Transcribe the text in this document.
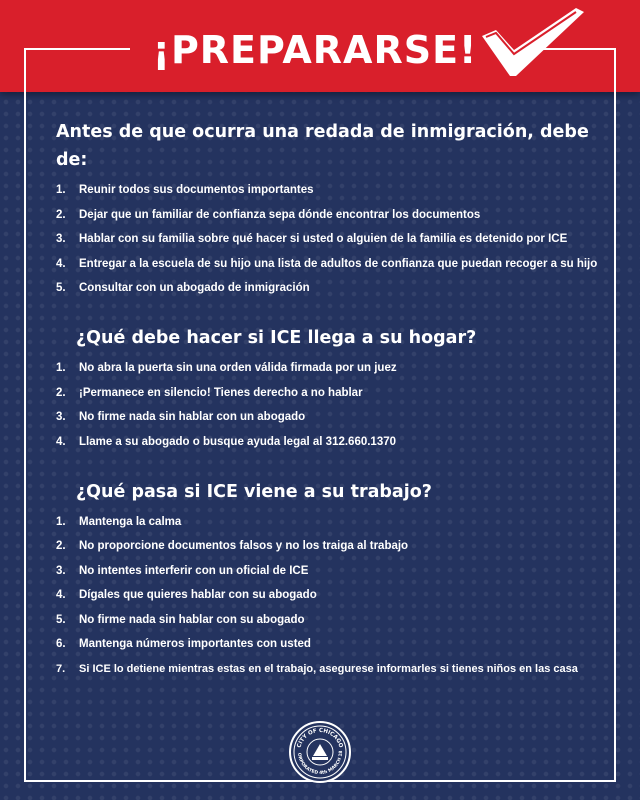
¡PREPARARSE!
Antes de que ocurra una redada de inmigración, debe de:
1.	Reunir todos sus documentos importantes
2.	Dejar que un familiar de confianza sepa dónde encontrar los documentos
3.	Hablar con su familia sobre qué hacer si usted o alguien de la familia es detenido por ICE
4.	Entregar a la escuela de su hijo una lista de adultos de confianza que puedan recoger a su hijo
5.	Consultar con un abogado de inmigración
¿Qué debe hacer si ICE llega a su hogar?
1.	No abra la puerta sin una orden válida firmada por un juez
2.	¡Permanece en silencio! Tienes derecho a no hablar
3.	No firme nada sin hablar con un abogado
4.	Llame a su abogado o busque ayuda legal al 312.660.1370
¿Qué pasa si ICE viene a su trabajo?
1.	Mantenga la calma
2.	No proporcione documentos falsos y no los traiga al trabajo
3.	No intentes interferir con un oficial de ICE
4.	Dígales que quieres hablar con su abogado
5.	No firme nada sin hablar con su abogado
6.	Mantenga números importantes con usted
7.	Si ICE lo detiene mientras estas en el trabajo, asegurese informarles si tienes niños en las casa
CITY OF CHICAGO
ORPORATED 4th MARCH 18
